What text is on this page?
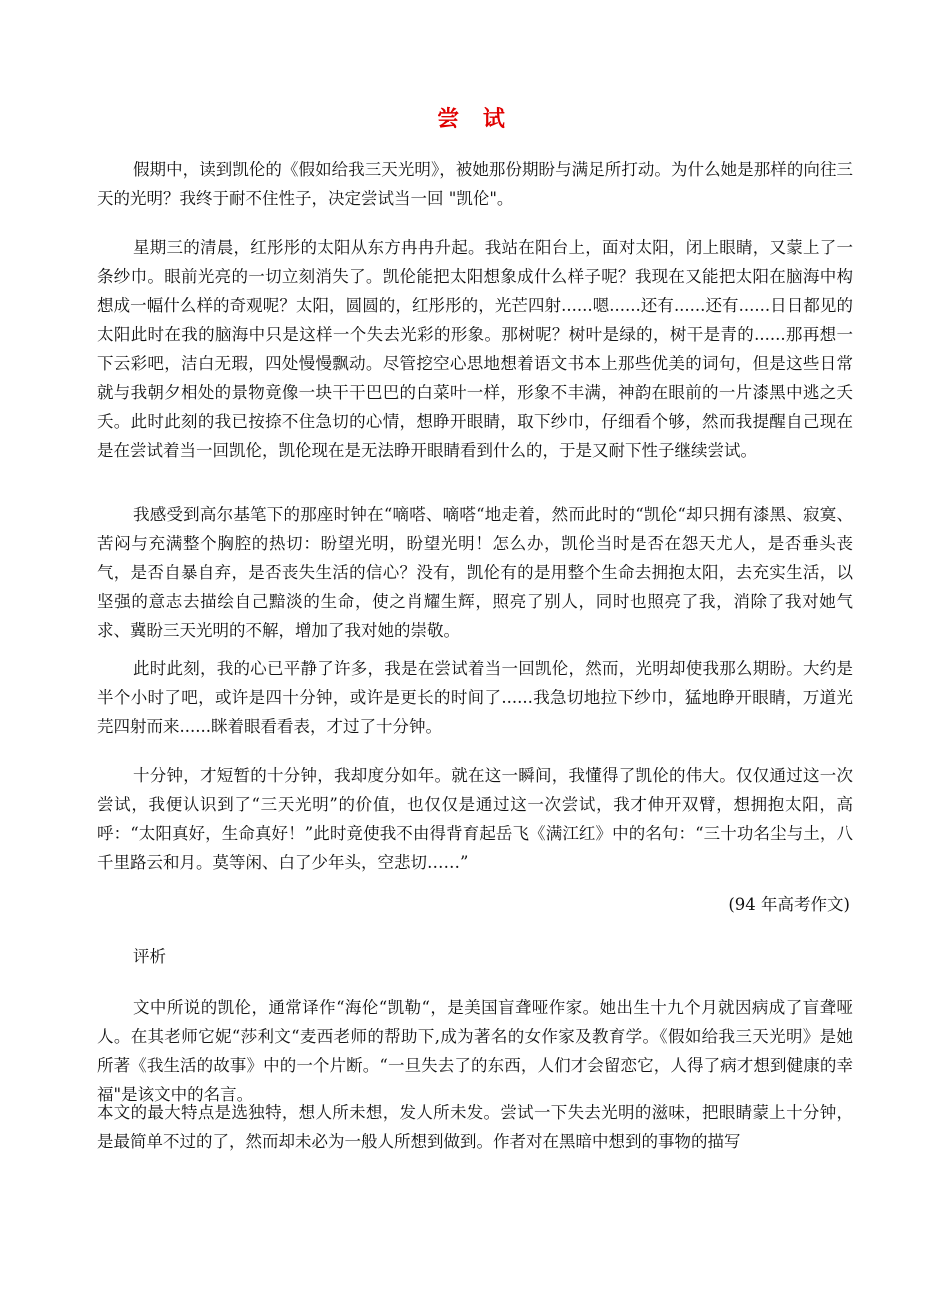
尝 试

假期中，读到凯伦的《假如给我三天光明》，被她那份期盼与满足所打动。为什么她是那样的向往三天的光明？我终于耐不住性子，决定尝试当一回 "凯伦"。

星期三的清晨，红彤彤的太阳从东方冉冉升起。我站在阳台上，面对太阳，闭上眼睛，又蒙上了一条纱巾。眼前光亮的一切立刻消失了。凯伦能把太阳想象成什么样子呢？我现在又能把太阳在脑海中构想成一幅什么样的奇观呢？太阳，圆圆的，红彤彤的，光芒四射......嗯......还有......还有......日日都见的太阳此时在我的脑海中只是这样一个失去光彩的形象。那树呢？树叶是绿的，树干是青的......那再想一下云彩吧，洁白无瑕，四处慢慢飘动。尽管挖空心思地想着语文书本上那些优美的词句，但是这些日常就与我朝夕相处的景物竟像一块干干巴巴的白菜叶一样，形象不丰满，神韵在眼前的一片漆黑中逃之夭夭。此时此刻的我已按捺不住急切的心情，想睁开眼睛，取下纱巾，仔细看个够，然而我提醒自己现在是在尝试着当一回凯伦，凯伦现在是无法睁开眼睛看到什么的，于是又耐下性子继续尝试。

我感受到高尔基笔下的那座时钟在“嘀嗒、嘀嗒“地走着，然而此时的“凯伦“却只拥有漆黑、寂寞、苦闷与充满整个胸腔的热切：盼望光明，盼望光明！怎么办，凯伦当时是否在怨天尤人，是否垂头丧气，是否自暴自弃，是否丧失生活的信心？没有，凯伦有的是用整个生命去拥抱太阳，去充实生活，以坚强的意志去描绘自己黯淡的生命，使之肖耀生辉，照亮了别人，同时也照亮了我，消除了我对她气求、冀盼三天光明的不解，增加了我对她的崇敬。

此时此刻，我的心已平静了许多，我是在尝试着当一回凯伦，然而，光明却使我那么期盼。大约是半个小时了吧，或许是四十分钟，或许是更长的时间了......我急切地拉下纱巾，猛地睁开眼睛，万道光芫四射而来......眯着眼看看表，才过了十分钟。

十分钟，才短暂的十分钟，我却度分如年。就在这一瞬间，我懂得了凯伦的伟大。仅仅通过这一次尝试，我便认识到了“三天光明”的价值，也仅仅是通过这一次尝试，我才伸开双臂，想拥抱太阳，高呼：“太阳真好，生命真好！”此时竟使我不由得背育起岳飞《满江红》中的名句：“三十功名尘与土，八千里路云和月。莫等闲、白了少年头，空悲切……”

(94 年高考作文)
评析

文中所说的凯伦，通常译作“海伦“凯勒“，是美国盲聋哑作家。她出生十九个月就因病成了盲聋哑人。在其老师它妮“莎利文“麦西老师的帮助下,成为著名的女作家及教育学。《假如给我三天光明》是她所著《我生活的故事》中的一个片断。“一旦失去了的东西，人们才会留恋它，人得了病才想到健康的幸福"是该文中的名言。

本文的最大特点是选独特，想人所未想，发人所未发。尝试一下失去光明的滋味，把眼睛蒙上十分钟，是最简单不过的了，然而却未必为一般人所想到做到。作者对在黑暗中想到的事物的描写
